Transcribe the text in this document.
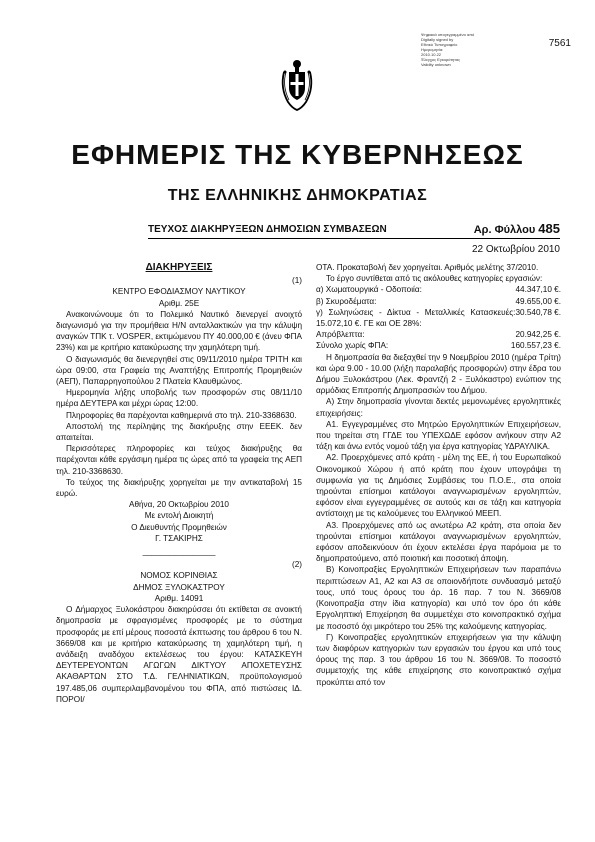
Ψηφιακά υπογεγραμμένο από
Digitally signed by
Εθνικό Τυπογραφείο
Ημερομηνία:
2010.10.22
Έλεγχος Εγκυρότητας
Validity unknown
7561
ΕΦΗΜΕΡΙΣ ΤΗΣ ΚΥΒΕΡΝΗΣΕΩΣ
ΤΗΣ ΕΛΛΗΝΙΚΗΣ ΔΗΜΟΚΡΑΤΙΑΣ
ΤΕΥΧΟΣ ΔΙΑΚΗΡΥΞΕΩΝ ΔΗΜΟΣΙΩΝ ΣΥΜΒΑΣΕΩΝ	Αρ. Φύλλου 485
22 Οκτωβρίου 2010

ΔΙΑΚΗΡΥΞΕΙΣ

(1)

ΚΕΝΤΡΟ ΕΦΟΔΙΑΣΜΟΥ ΝΑΥΤΙΚΟΥ

Αριθμ. 25Ε

Ανακοινώνουμε ότι το Πολεμικό Ναυτικό διενεργεί ανοιχτό διαγωνισμό για την προμήθεια Η/Ν ανταλλακτικών για την κάλυψη αναγκών ΤΠΚ τ. VOSPER, εκτιμώμενου ΠΥ 40.000,00 € (άνευ ΦΠΑ 23%) και με κριτήριο κατακύρωσης την χαμηλότερη τιμή.

Ο διαγωνισμός θα διενεργηθεί στις 09/11/2010 ημέρα ΤΡΙΤΗ και ώρα 09:00, στα Γραφεία της Αναπτήξης Επιτροπής Προμηθειών (ΑΕΠ), Παπαρρηγοπούλου 2 Πλατεία Κλαυθμώνος.

Ημερομηνία λήξης υποβολής των προσφορών στις 08/11/10 ημέρα ΔΕΥΤΕΡΑ και μέχρι ώρας 12:00.

Πληροφορίες θα παρέχονται καθημερινά στο τηλ. 210-3368630.

Αποστολή της περίληψης της διακήρυξης στην ΕΕΕΚ. δεν απαιτείται.

Περισσότερες πληροφορίες και τεύχος διακήρυξης θα παρέχονται κάθε εργάσιμη ημέρα τις ώρες από τα γραφεία της ΑΕΠ τηλ. 210-3368630.

Το τεύχος της διακήρυξης χορηγείται με την αντικαταβολή 15 ευρώ.

Αθήνα, 20 Οκτωβρίου 2010

Με εντολή Διοικητή

Ο Διευθυντής Προμηθειών

Γ. ΤΣΑΚΙΡΗΣ

________________

(2)

ΝΟΜΟΣ ΚΟΡΙΝΘΙΑΣ

ΔΗΜΟΣ ΞΥΛΟΚΑΣΤΡΟΥ

Αριθμ. 14091

Ο Δήμαρχος Ξυλοκάστρου διακηρύσσει ότι εκτίθεται σε ανοικτή δημοπρασία με σφραγισμένες προσφορές με το σύστημα προσφοράς με επί μέρους ποσοστά έκπτωσης του άρθρου 6 του Ν. 3669/08 και με κριτήριο κατακύρωσης τη χαμηλότερη τιμή, η ανάδειξη αναδόχου εκτελέσεως του έργου: ΚΑΤΑΣΚΕΥΗ ΔΕΥΤΕΡΕΥΟΝΤΩΝ ΑΓΩΓΩΝ ΔΙΚΤΥΟΥ ΑΠΟΧΕΤΕΥΣΗΣ ΑΚΑΘΑΡΤΩΝ ΣΤΟ Τ.Δ. ΓΕΛΗΝΙΑΤΙΚΩΝ, προϋπολογισμού 197.485,06 συμπεριλαμβανομένου του ΦΠΑ, από πιστώσεις ΙΔ. ΠΟΡΟΙ/

ΟΤΑ. Προκαταβολή δεν χορηγείται. Αριθμός μελέτης 37/2010.

Το έργο συντίθεται από τις ακόλουθες κατηγορίες εργασιών:

α) Χωματουργικά - Οδοποιία:	44.347,10 €.

β) Σκυροδέματα:	49.655,00 €.

γ) Σωληνώσεις - Δίκτυα - Μεταλλικές Κατασκευές: 15.072,10 €. ΓΕ και ΟΕ 28%:
30.540,78 €.

Απρόβλεπτα:	20.942,25 €.

Σύνολο χωρίς ΦΠΑ:	160.557,23 €.

Η δημοπρασία θα διεξαχθεί την 9 Νοεμβρίου 2010 (ημέρα Τρίτη) και ώρα 9.00 - 10.00 (λήξη παραλαβής προσφορών) στην έδρα του Δήμου Ξυλοκάστρου (Λεκ. Φραντζή 2 - Ξυλόκαστρο) ενώπιον της αρμόδιας Επιτροπής Δημοπρασιών του Δήμου.

Α) Στην δημοπρασία γίνονται δεκτές μεμονωμένες εργοληπτικές επιχειρήσεις:

Α1. Εγγεγραμμένες στο Μητρώο Εργοληπτικών Επιχειρήσεων, που τηρείται στη ΓΓΔΕ του ΥΠΕΧΩΔΕ εφόσον ανήκουν στην Α2 τάξη και άνω εντός νομού τάξη για έργα κατηγορίας ΥΔΡΑΥΛΙΚΑ.

Α2. Προερχόμενες από κράτη - μέλη της ΕΕ, ή του Ευρωπαϊκού Οικονομικού Χώρου ή από κράτη που έχουν υπογράψει τη συμφωνία για τις Δημόσιες Συμβάσεις του Π.Ο.Ε., στα οποία τηρούνται επίσημοι κατάλογοι αναγνωρισμένων εργοληπτών, εφόσον είναι εγγεγραμμένες σε αυτούς και σε τάξη και κατηγορία αντίστοιχη με τις καλούμενες του Ελληνικού ΜΕΕΠ.

Α3. Προερχόμενες από ως ανωτέρω Α2 κράτη, στα οποία δεν τηρούνται επίσημοι κατάλογοι αναγνωρισμένων εργοληπτών, εφόσον αποδεικνύουν ότι έχουν εκτελέσει έργα παρόμοια με το δημοπρατούμενο, από ποιοτική και ποσοτική άποψη.

Β) Κοινοπραξίες Εργοληπτικών Επιχειρήσεων των παραπάνω περιπτώσεων Α1, Α2 και Α3 σε οποιονδήποτε συνδυασμό μεταξύ τους, υπό τους όρους του άρ. 16 παρ. 7 του Ν. 3669/08 (Κοινοπραξία στην ίδια κατηγορία) και υπό τον όρο ότι κάθε Εργοληπτική Επιχείρηση θα συμμετέχει στο κοινοπρακτικό σχήμα με ποσοστό όχι μικρότερο του 25% της καλούμενης κατηγορίας.

Γ) Κοινοπραξίες εργοληπτικών επιχειρήσεων για την κάλυψη των διαφόρων κατηγοριών των εργασιών του έργου και υπό τους όρους της παρ. 3 του άρθρου 16 του Ν. 3669/08. Το ποσοστό συμμετοχής της κάθε επιχείρησης στο κοινοπρακτικό σχήμα προκύπτει από τον
